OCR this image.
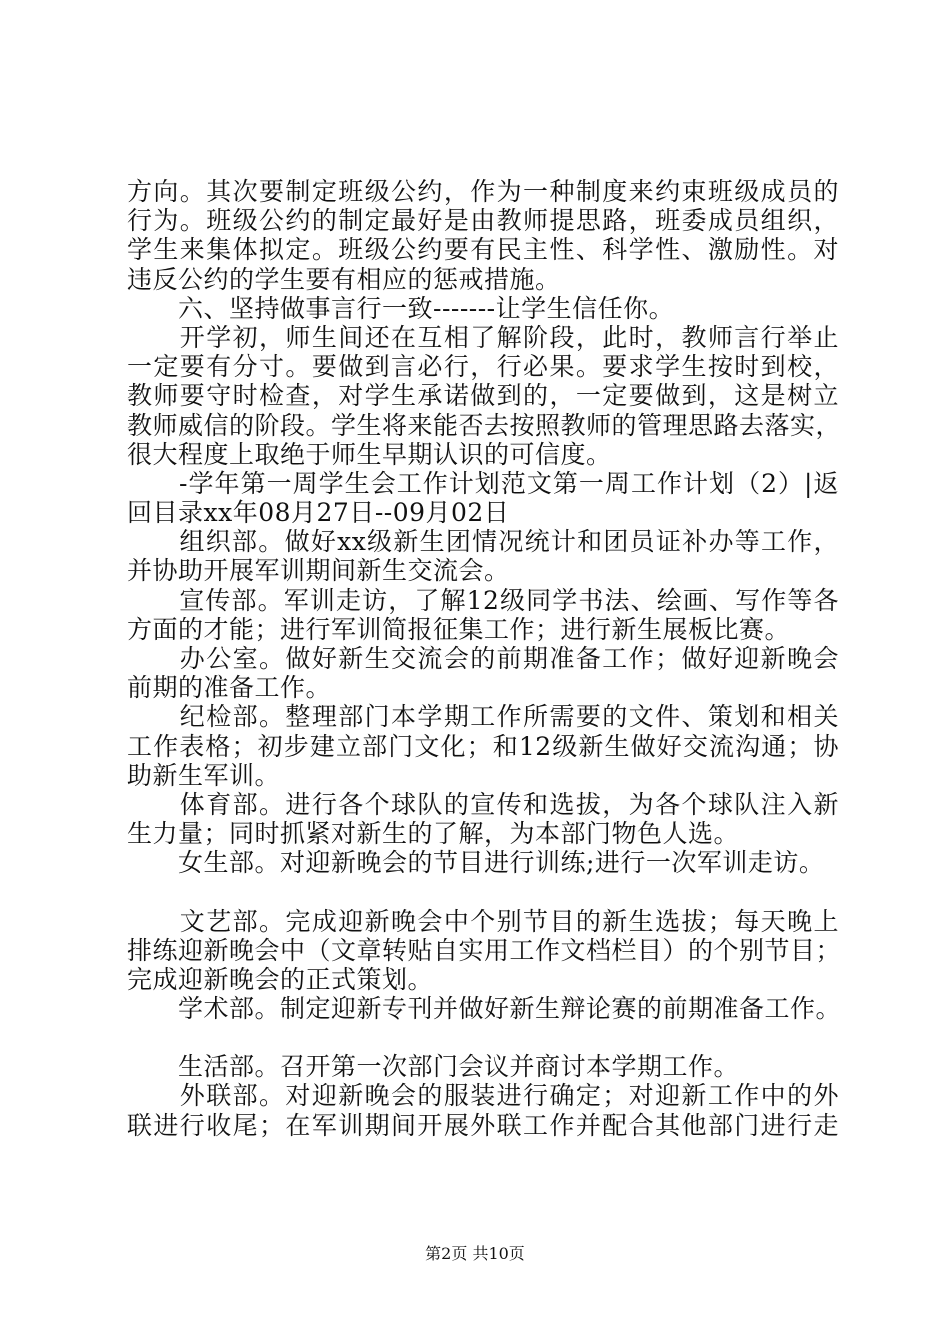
方向。其次要制定班级公约，作为一种制度来约束班级成员的
行为。班级公约的制定最好是由教师提思路，班委成员组织，
学生来集体拟定。班级公约要有民主性、科学性、激励性。对
违反公约的学生要有相应的惩戒措施。
　　六、坚持做事言行一致-------让学生信任你。
　　开学初，师生间还在互相了解阶段，此时，教师言行举止
一定要有分寸。要做到言必行，行必果。要求学生按时到校，
教师要守时检查，对学生承诺做到的，一定要做到，这是树立
教师威信的阶段。学生将来能否去按照教师的管理思路去落实，
很大程度上取绝于师生早期认识的可信度。
　　-学年第一周学生会工作计划范文第一周工作计划（2）|返
回目录xx年08月27日--09月02日
　　组织部。做好xx级新生团情况统计和团员证补办等工作，
并协助开展军训期间新生交流会。
　　宣传部。军训走访，了解12级同学书法、绘画、写作等各
方面的才能；进行军训简报征集工作；进行新生展板比赛。
　　办公室。做好新生交流会的前期准备工作；做好迎新晚会
前期的准备工作。
　　纪检部。整理部门本学期工作所需要的文件、策划和相关
工作表格；初步建立部门文化；和12级新生做好交流沟通；协
助新生军训。
　　体育部。进行各个球队的宣传和选拔，为各个球队注入新
生力量；同时抓紧对新生的了解，为本部门物色人选。
　　女生部。对迎新晚会的节目进行训练;进行一次军训走访。
　　文艺部。完成迎新晚会中个别节目的新生选拔；每天晚上
排练迎新晚会中（文章转贴自实用工作文档栏目）的个别节目；
完成迎新晚会的正式策划。
　　学术部。制定迎新专刊并做好新生辩论赛的前期准备工作。
　　生活部。召开第一次部门会议并商讨本学期工作。
　　外联部。对迎新晚会的服装进行确定；对迎新工作中的外
联进行收尾；在军训期间开展外联工作并配合其他部门进行走
第2页 共10页
